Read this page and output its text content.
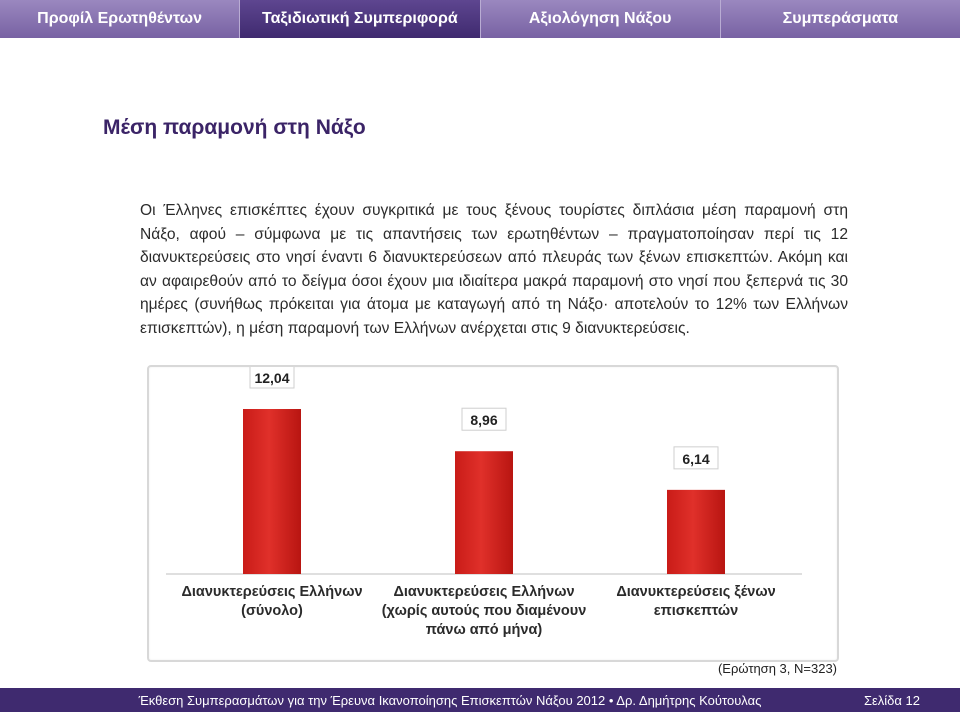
Προφίλ Ερωτηθέντων	Ταξιδιωτική Συμπεριφορά	Αξιολόγηση Νάξου	Συμπεράσματα
Μέση παραμονή στη Νάξο
Οι Έλληνες επισκέπτες έχουν συγκριτικά με τους ξένους τουρίστες διπλάσια μέση παραμονή στη Νάξο, αφού – σύμφωνα με τις απαντήσεις των ερωτηθέντων – πραγματοποίησαν περί τις 12 διανυκτερεύσεις στο νησί έναντι 6 διανυκτερεύσεων από πλευράς των ξένων επισκεπτών. Ακόμη και αν αφαιρεθούν από το δείγμα όσοι έχουν μια ιδιαίτερα μακρά παραμονή στο νησί που ξεπερνά τις 30 ημέρες (συνήθως πρόκειται για άτομα με καταγωγή από τη Νάξο· αποτελούν το 12% των Ελλήνων επισκεπτών), η μέση παραμονή των Ελλήνων ανέρχεται στις 9 διανυκτερεύσεις.
12,04
Διανυκτερεύσεις Ελλήνων
(σύνολο)
8,96
Διανυκτερεύσεις Ελλήνων
(χωρίς αυτούς που διαμένουν
πάνω από μήνα)
6,14
Διανυκτερεύσεις ξένων
επισκεπτών
(Ερώτηση 3, Ν=323)
Έκθεση Συμπερασμάτων για την Έρευνα Ικανοποίησης Επισκεπτών Νάξου 2012 • Δρ. Δημήτρης Κούτουλας	Σελίδα 12
